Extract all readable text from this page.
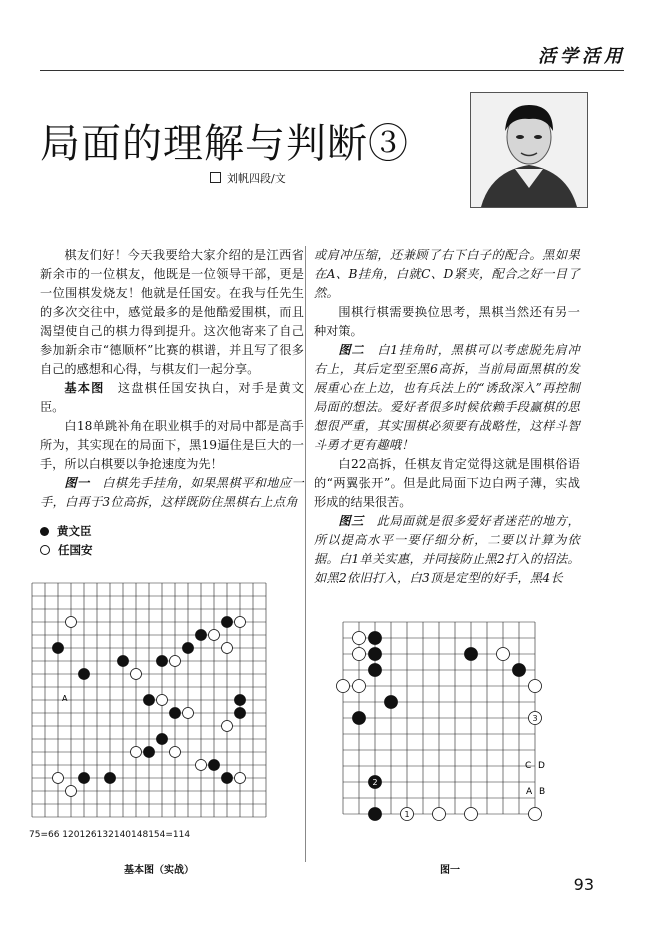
活学活用
局面的理解与判断③
刘帆四段/文

棋友们好！今天我要给大家介绍的是江西省新余市的一位棋友，他既是一位领导干部，更是一位围棋发烧友！他就是任国安。在我与任先生的多次交往中，感觉最多的是他酷爱围棋，而且渴望使自己的棋力得到提升。这次他寄来了自己参加新余市“德顺杯”比赛的棋谱，并且写了很多自己的感想和心得，与棋友们一起分享。

基本图　 这盘棋任国安执白，对手是黄文臣。

白18单跳补角在职业棋手的对局中都是高手所为，其实现在的局面下，黑19逼住是巨大的一手，所以白棋要以争抢速度为先！

图一　 白棋先手挂角，如果黑棋平和地应一手，白再于3位高拆，这样既防住黑棋右上点角

黄文臣
任国安

或肩冲压缩，还兼顾了右下白子的配合。黑如果在A、B挂角，白就C、D紧夹，配合之好一目了然。

围棋行棋需要换位思考，黑棋当然还有另一种对策。

图二　 白1挂角时，黑棋可以考虑脱先肩冲右上，其后定型至黑6高拆，当前局面黑棋的发展重心在上边，也有兵法上的“诱敌深入”再控制局面的想法。爱好者很多时候依赖手段赢棋的思想很严重，其实围棋必须要有战略性，这样斗智斗勇才更有趣哦！

白22高拆，任棋友肯定觉得这就是围棋俗语的“两翼张开”。但是此局面下边白两子薄，实战形成的结果很苦。

图三　 此局面就是很多爱好者迷茫的地方，所以提高水平一要仔细分析，二要以计算为依据。白1单关实惠，并同接防止黑2打入的招法。如黑2依旧打入，白3顶是定型的好手，黑4长

A
75=66 120126132140148154=114
基本图（实战）
3
2
1
C D
A B
图一
93
